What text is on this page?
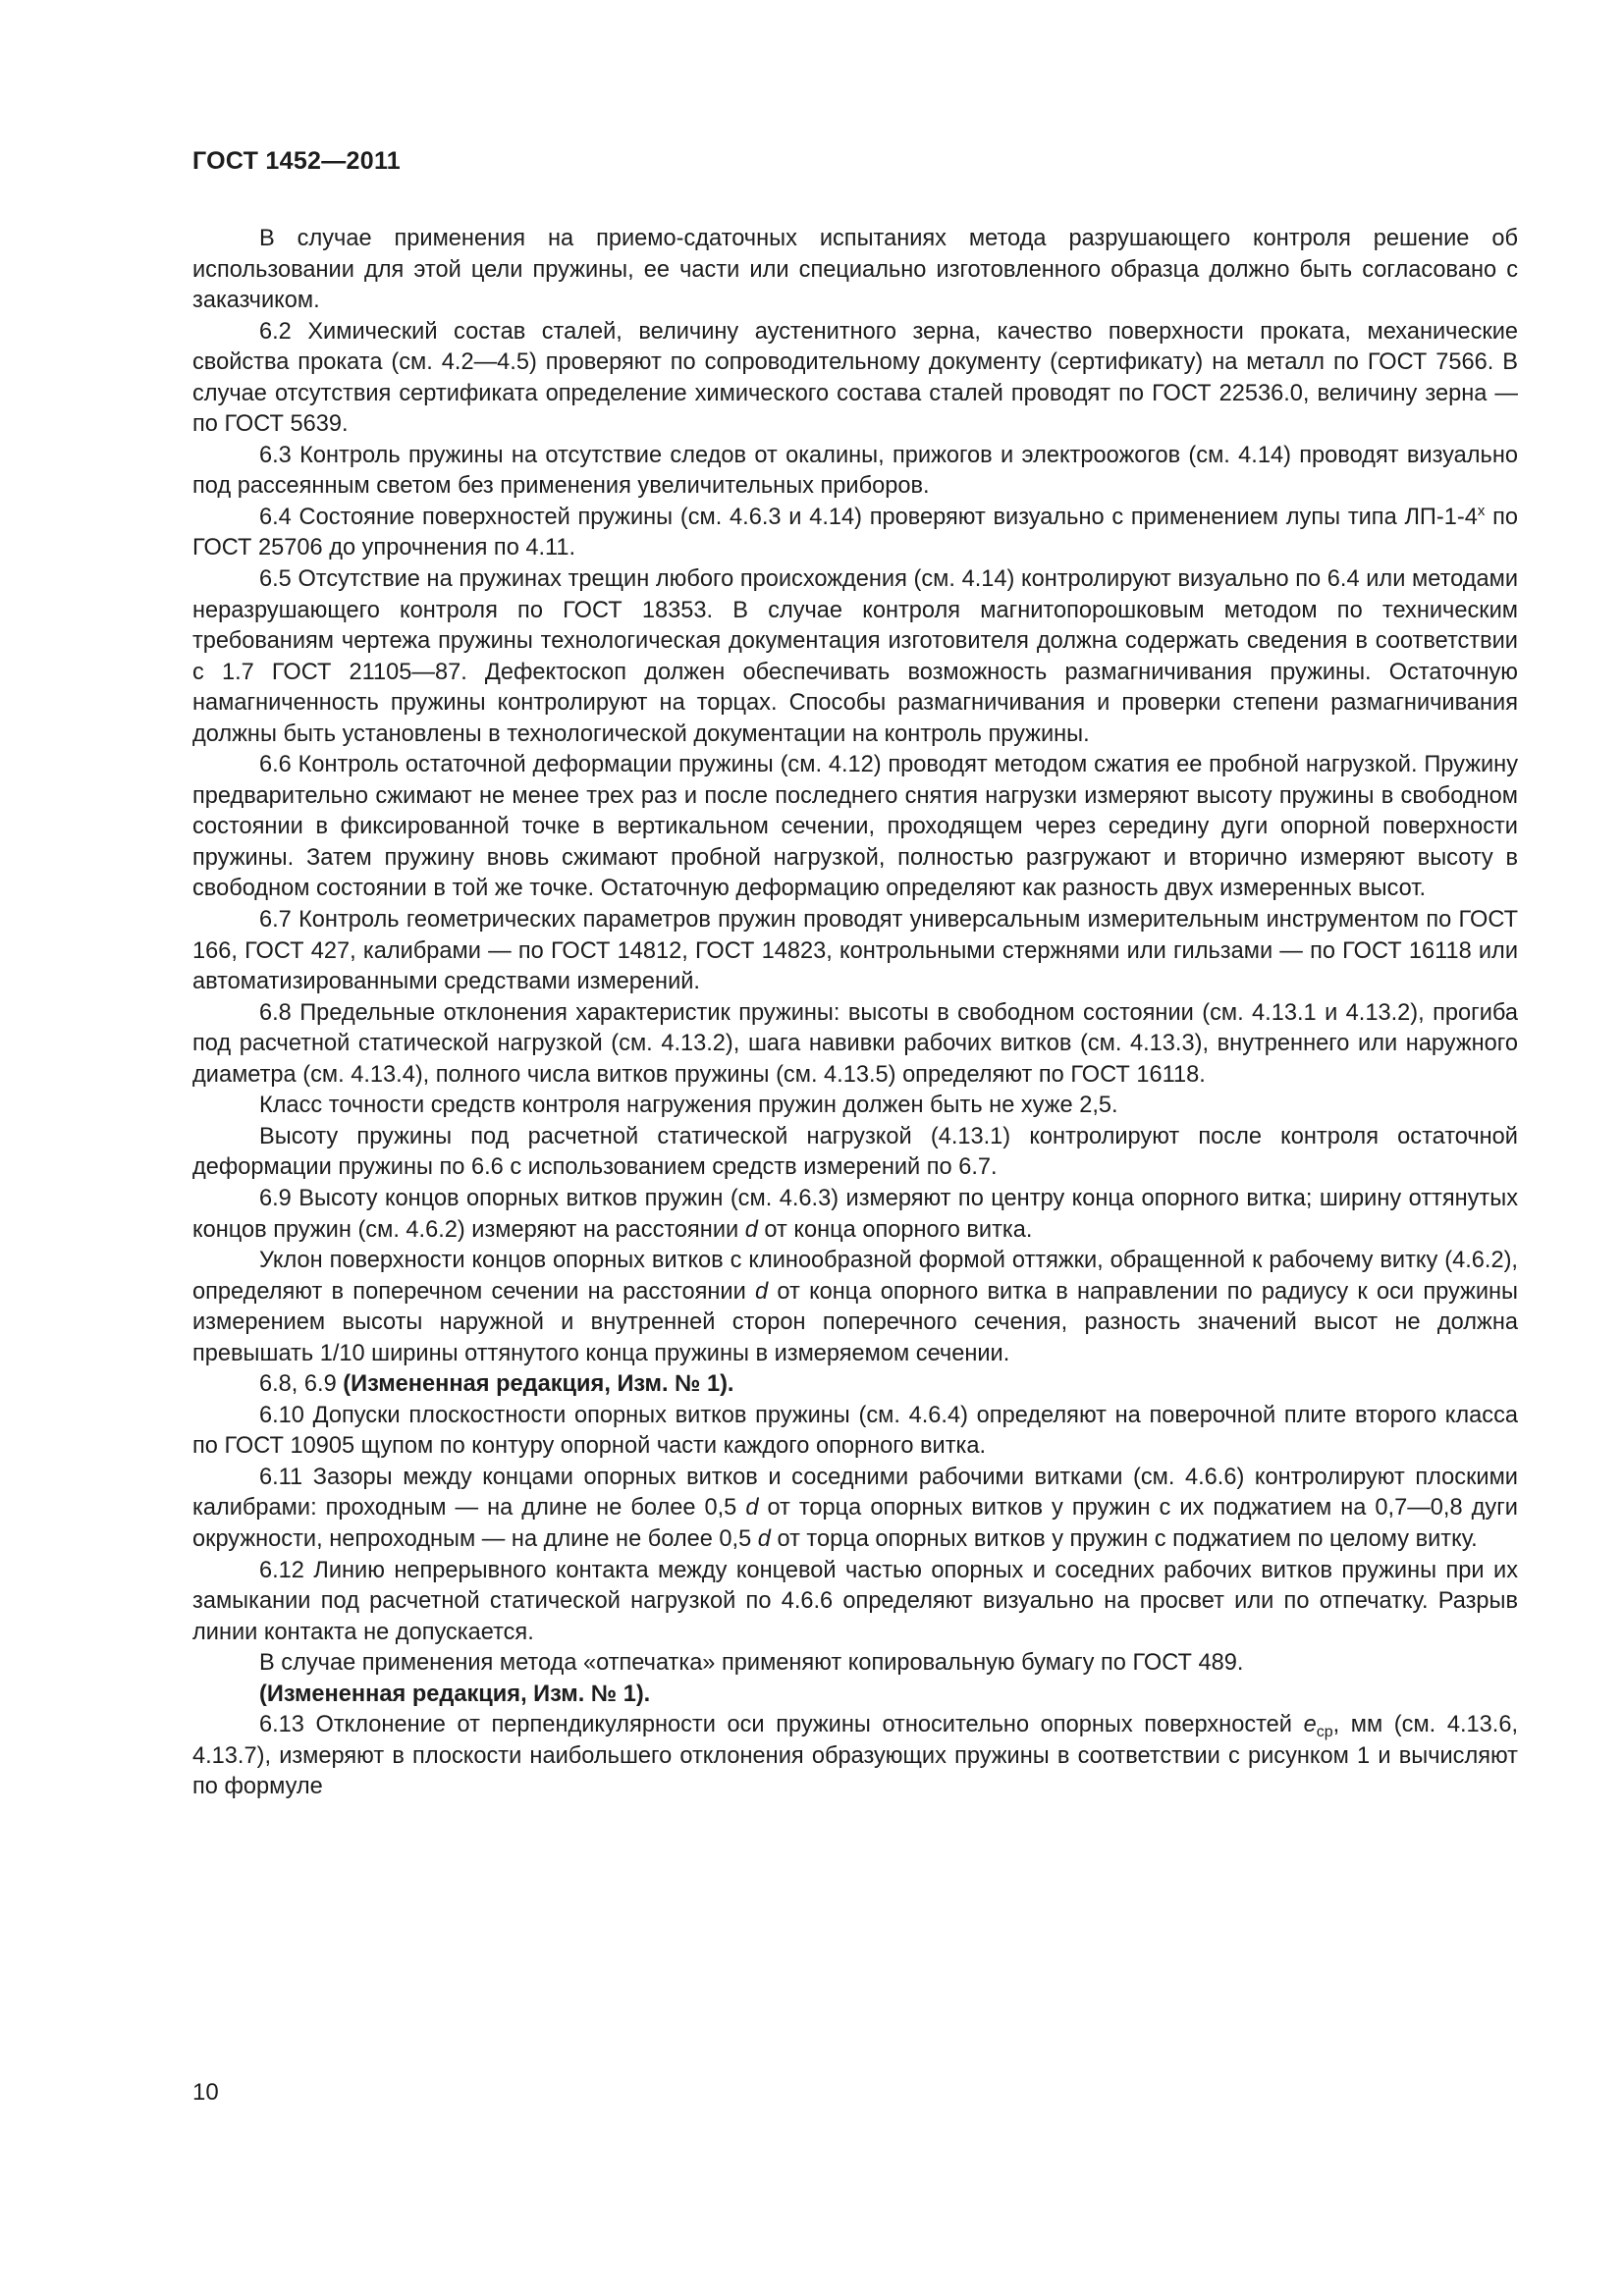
ГОСТ 1452—2011

В случае применения на приемо-сдаточных испытаниях метода разрушающего контроля решение об использовании для этой цели пружины, ее части или специально изготовленного образца должно быть согласовано с заказчиком.

6.2 Химический состав сталей, величину аустенитного зерна, качество поверхности проката, механические свойства проката (см. 4.2—4.5) проверяют по сопроводительному документу (сертификату) на металл по ГОСТ 7566. В случае отсутствия сертификата определение химического состава сталей проводят по ГОСТ 22536.0, величину зерна — по ГОСТ 5639.

6.3 Контроль пружины на отсутствие следов от окалины, прижогов и электроожогов (см. 4.14) проводят визуально под рассеянным светом без применения увеличительных приборов.

6.4 Состояние поверхностей пружины (см. 4.6.3 и 4.14) проверяют визуально с применением лупы типа $ЛП-1-4^х$ по ГОСТ 25706 до упрочнения по 4.11.

6.5 Отсутствие на пружинах трещин любого происхождения (см. 4.14) контролируют визуально по 6.4 или методами неразрушающего контроля по ГОСТ 18353. В случае контроля магнитопорошковым методом по техническим требованиям чертежа пружины технологическая документация изготовителя должна содержать сведения в соответствии с 1.7 ГОСТ 21105—87. Дефектоскоп должен обеспечивать возможность размагничивания пружины. Остаточную намагниченность пружины контролируют на торцах. Способы размагничивания и проверки степени размагничивания должны быть установлены в технологической документации на контроль пружины.

6.6 Контроль остаточной деформации пружины (см. 4.12) проводят методом сжатия ее пробной нагрузкой. Пружину предварительно сжимают не менее трех раз и после последнего снятия нагрузки измеряют высоту пружины в свободном состоянии в фиксированной точке в вертикальном сечении, проходящем через середину дуги опорной поверхности пружины. Затем пружину вновь сжимают пробной нагрузкой, полностью разгружают и вторично измеряют высоту в свободном состоянии в той же точке. Остаточную деформацию определяют как разность двух измеренных высот.

6.7 Контроль геометрических параметров пружин проводят универсальным измерительным инструментом по ГОСТ 166, ГОСТ 427, калибрами — по ГОСТ 14812, ГОСТ 14823, контрольными стержнями или гильзами — по ГОСТ 16118 или автоматизированными средствами измерений.

6.8 Предельные отклонения характеристик пружины: высоты в свободном состоянии (см. 4.13.1 и 4.13.2), прогиба под расчетной статической нагрузкой (см. 4.13.2), шага навивки рабочих витков (см. 4.13.3), внутреннего или наружного диаметра (см. 4.13.4), полного числа витков пружины (см. 4.13.5) определяют по ГОСТ 16118.

Класс точности средств контроля нагружения пружин должен быть не хуже 2,5.

Высоту пружины под расчетной статической нагрузкой (4.13.1) контролируют после контроля остаточной деформации пружины по 6.6 с использованием средств измерений по 6.7.

6.9 Высоту концов опорных витков пружин (см. 4.6.3) измеряют по центру конца опорного витка; ширину оттянутых концов пружин (см. 4.6.2) измеряют на расстоянии d от конца опорного витка.

Уклон поверхности концов опорных витков с клинообразной формой оттяжки, обращенной к рабочему витку (4.6.2), определяют в поперечном сечении на расстоянии d от конца опорного витка в направлении по радиусу к оси пружины измерением высоты наружной и внутренней сторон поперечного сечения, разность значений высот не должна превышать 1/10 ширины оттянутого конца пружины в измеряемом сечении.

6.8, 6.9 (Измененная редакция, Изм. № 1).

6.10 Допуски плоскостности опорных витков пружины (см. 4.6.4) определяют на поверочной плите второго класса по ГОСТ 10905 щупом по контуру опорной части каждого опорного витка.

6.11 Зазоры между концами опорных витков и соседними рабочими витками (см. 4.6.6) контролируют плоскими калибрами: проходным — на длине не более 0,5 d от торца опорных витков у пружин с их поджатием на 0,7—0,8 дуги окружности, непроходным — на длине не более 0,5 d от торца опорных витков у пружин с поджатием по целому витку.

6.12 Линию непрерывного контакта между концевой частью опорных и соседних рабочих витков пружины при их замыкании под расчетной статической нагрузкой по 4.6.6 определяют визуально на просвет или по отпечатку. Разрыв линии контакта не допускается.

В случае применения метода «отпечатка» применяют копировальную бумагу по ГОСТ 489.

(Измененная редакция, Изм. № 1).

6.13 Отклонение от перпендикулярности оси пружины относительно опорных поверхностей $e_{ср}$, мм (см. 4.13.6, 4.13.7), измеряют в плоскости наибольшего отклонения образующих пружины в соответствии с рисунком 1 и вычисляют по формуле

10
